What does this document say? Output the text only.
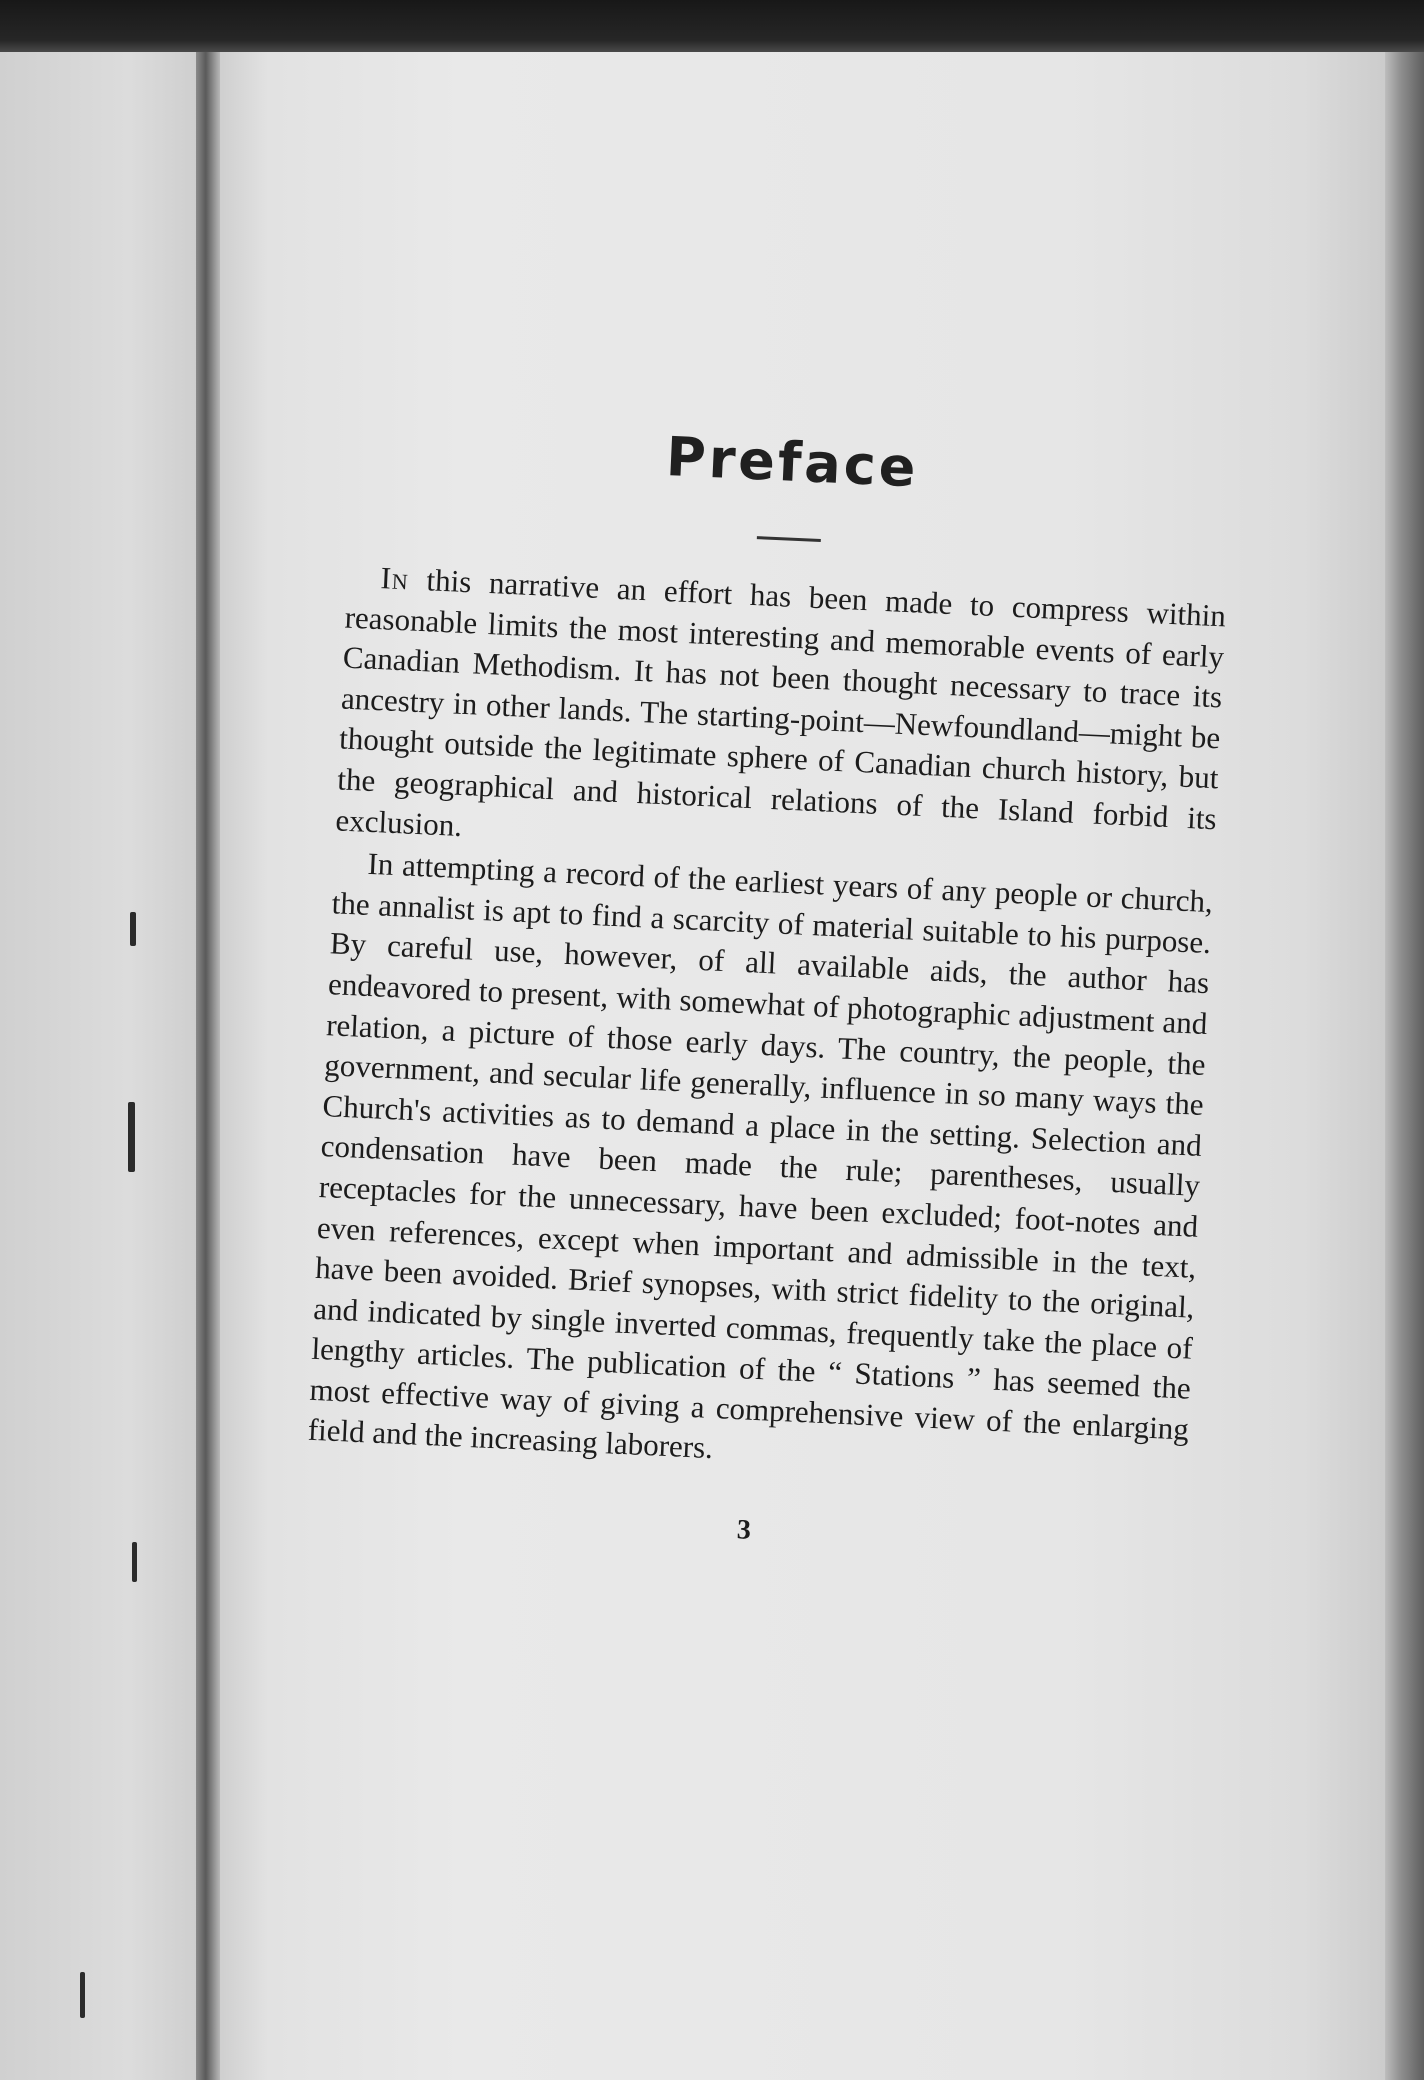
Preface

In this narrative an effort has been made to compress within reasonable limits the most interesting and memorable events of early Canadian Methodism. It has not been thought necessary to trace its ancestry in other lands. The starting-point—Newfoundland—might be thought outside the legitimate sphere of Canadian church history, but the geographical and historical relations of the Island forbid its exclusion.

In attempting a record of the earliest years of any people or church, the annalist is apt to find a scarcity of material suitable to his purpose. By careful use, however, of all available aids, the author has endeavored to present, with somewhat of photographic adjustment and relation, a picture of those early days. The country, the people, the government, and secular life generally, influence in so many ways the Church's activities as to demand a place in the setting. Selection and condensation have been made the rule; parentheses, usually receptacles for the unnecessary, have been excluded; foot-notes and even references, except when important and admissible in the text, have been avoided. Brief synopses, with strict fidelity to the original, and indicated by single inverted commas, frequently take the place of lengthy articles. The publication of the “ Stations ” has seemed the most effective way of giving a comprehensive view of the enlarging field and the increasing laborers.

3
